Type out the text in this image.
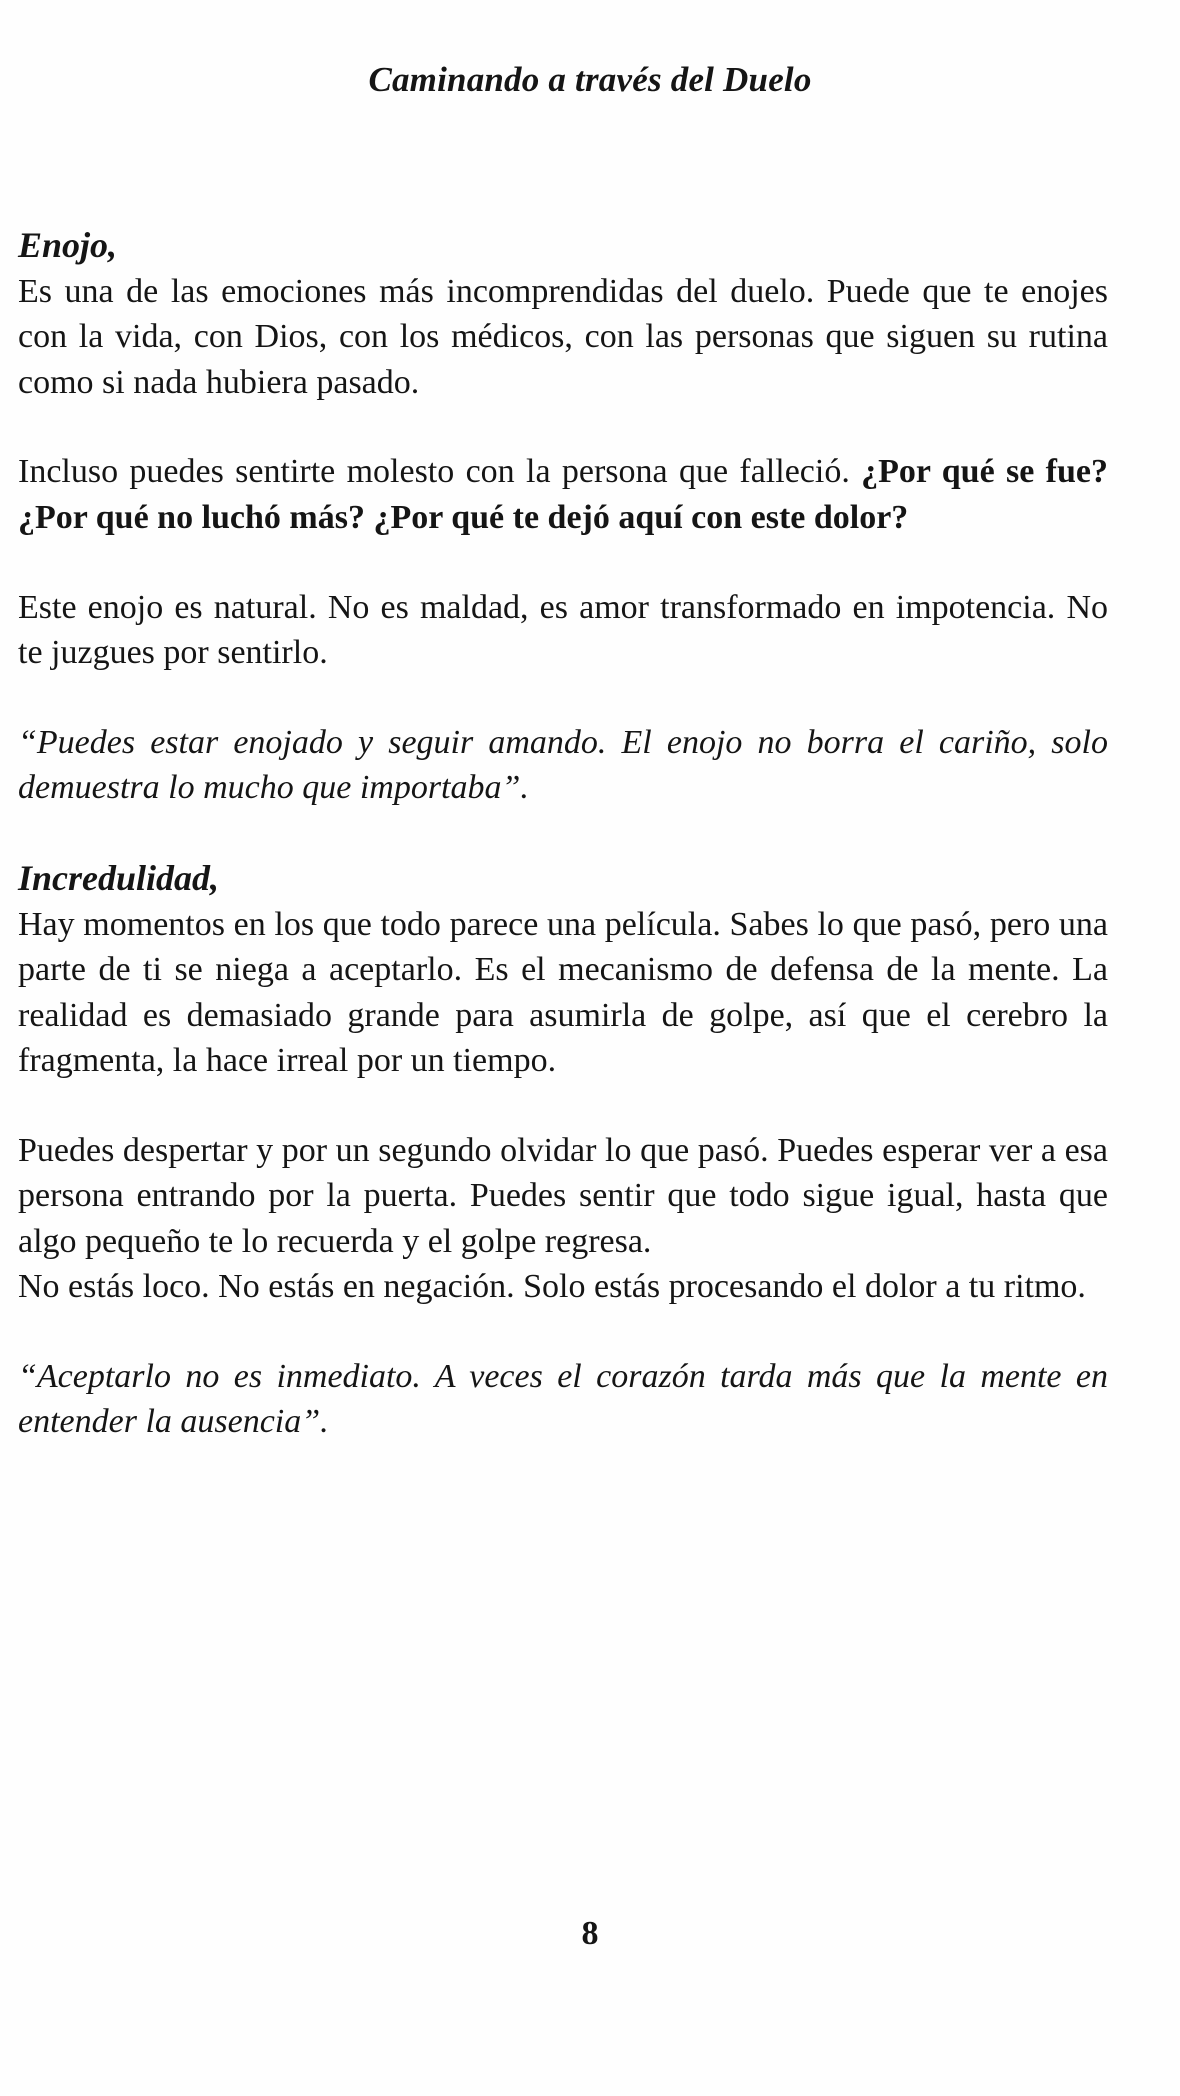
Caminando a través del Duelo

Enojo,

Es una de las emociones más incomprendidas del duelo. Puede que te enojes con la vida, con Dios, con los médicos, con las personas que siguen su rutina como si nada hubiera pasado.

Incluso puedes sentirte molesto con la persona que falleció. ¿Por qué se fue? ¿Por qué no luchó más? ¿Por qué te dejó aquí con este dolor?

Este enojo es natural. No es maldad, es amor transformado en impotencia. No te juzgues por sentirlo.

“Puedes estar enojado y seguir amando. El enojo no borra el cariño, solo demuestra lo mucho que importaba”.

Incredulidad,

Hay momentos en los que todo parece una película. Sabes lo que pasó, pero una parte de ti se niega a aceptarlo. Es el mecanismo de defensa de la mente. La realidad es demasiado grande para asumirla de golpe, así que el cerebro la fragmenta, la hace irreal por un tiempo.

Puedes despertar y por un segundo olvidar lo que pasó. Puedes esperar ver a esa persona entrando por la puerta. Puedes sentir que todo sigue igual, hasta que algo pequeño te lo recuerda y el golpe regresa.

No estás loco. No estás en negación. Solo estás procesando el dolor a tu ritmo.

“Aceptarlo no es inmediato. A veces el corazón tarda más que la mente en entender la ausencia”.

8
